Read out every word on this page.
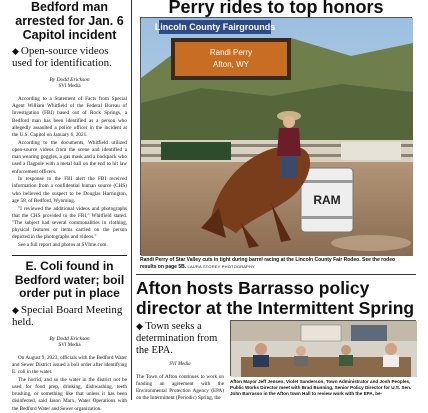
Bedford man arrested for Jan. 6 Capitol incident
◆ Open-source videos used for identification.
By Dodd Erickson
SVI Media

According to a Statement of Facts from Special Agent William Whitfield of the Federal Bureau of Investigation (FBI) based out of Rock Springs, a Bedford man has been identified as a person who allegedly assaulted a police officer in the incident at the U.S. Capitol on January 6, 2021.

According to the documents, Whitfield utilized open-source videos from the scene and identified a man wearing goggles, a gas mask and a backpack who used a flagpole with a metal ball on the end to hit law enforcement officers.

In response to the FBI alert the FBI received information from a confidential human source (CHS) who believed the suspect to be Douglas Harrington, age 58, of Bedford, Wyoming.

"I reviewed the additional videos and photographs that the CHS provided to the FBI," Whitfield stated. "The subject had several commonalities in clothing, physical features or items carried on the person depicted in the photographs and videos."

See a full report and photos at SVIme.com.

E. Coli found in Bedford water; boil order put in place
◆ Special Board Meeting held.
By Dodd Erickson
SVI Media

On August 9, 2023, officials with the Bedford Water and Sewer District issued a boil order after identifying E. coli in the water.

The horrid, and so the water in the district not be used for food prep, drinking, dishwashing, teeth brushing, or something like that unless it has been disinfected, said Jason Marx, Water Operations with the Bedford Water and Sewer organization.

Perry rides to top honors
Lincoln County Fairgrounds
Randi Perry
Afton, WY
RAM
Randi Perry of Star Valley cuts in tight during barrel racing at the Lincoln County Fair Rodeo. See the rodeo results on page 5B. LAURA STOREY PHOTOGRAPHY
Afton hosts Barrasso policy director at the Intermittent Spring
◆ Town seeks a determination from the EPA.
SVI Media
The Town of Afton continues to work on funding an agreement with the Environmental Protection Agency (EPA) on the Intermittent (Periodic) Spring, the
Afton Mayor Jeff Jensen, Violet Sanderson, Town Administrator and Josh Peoples, Public Works Director meet with Brad Bunning, Senior Policy Director for U.S. Sen. John Barrasso in the Afton town Hall to review work with the EPA, be-
